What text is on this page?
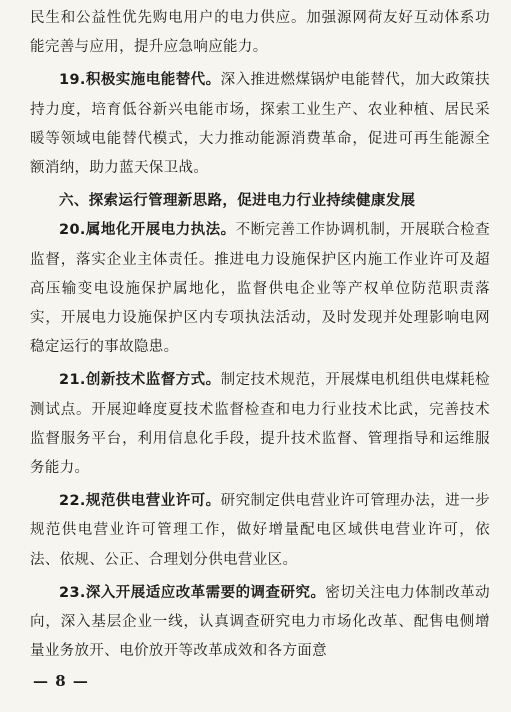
民生和公益性优先购电用户的电力供应。加强源网荷友好互动体系功能完善与应用，提升应急响应能力。

19.积极实施电能替代。深入推进燃煤锅炉电能替代，加大政策扶持力度，培育低谷新兴电能市场，探索工业生产、农业种植、居民采暖等领域电能替代模式，大力推动能源消费革命，促进可再生能源全额消纳，助力蓝天保卫战。

六、探索运行管理新思路，促进电力行业持续健康发展

20.属地化开展电力执法。不断完善工作协调机制，开展联合检查监督，落实企业主体责任。推进电力设施保护区内施工作业许可及超高压输变电设施保护属地化，监督供电企业等产权单位防范职责落实，开展电力设施保护区内专项执法活动，及时发现并处理影响电网稳定运行的事故隐患。

21.创新技术监督方式。制定技术规范，开展煤电机组供电煤耗检测试点。开展迎峰度夏技术监督检查和电力行业技术比武，完善技术监督服务平台，利用信息化手段，提升技术监督、管理指导和运维服务能力。

22.规范供电营业许可。研究制定供电营业许可管理办法，进一步规范供电营业许可管理工作，做好增量配电区域供电营业许可，依法、依规、公正、合理划分供电营业区。

23.深入开展适应改革需要的调查研究。密切关注电力体制改革动向，深入基层企业一线，认真调查研究电力市场化改革、配售电侧增量业务放开、电价放开等改革成效和各方面意

— 8 —
